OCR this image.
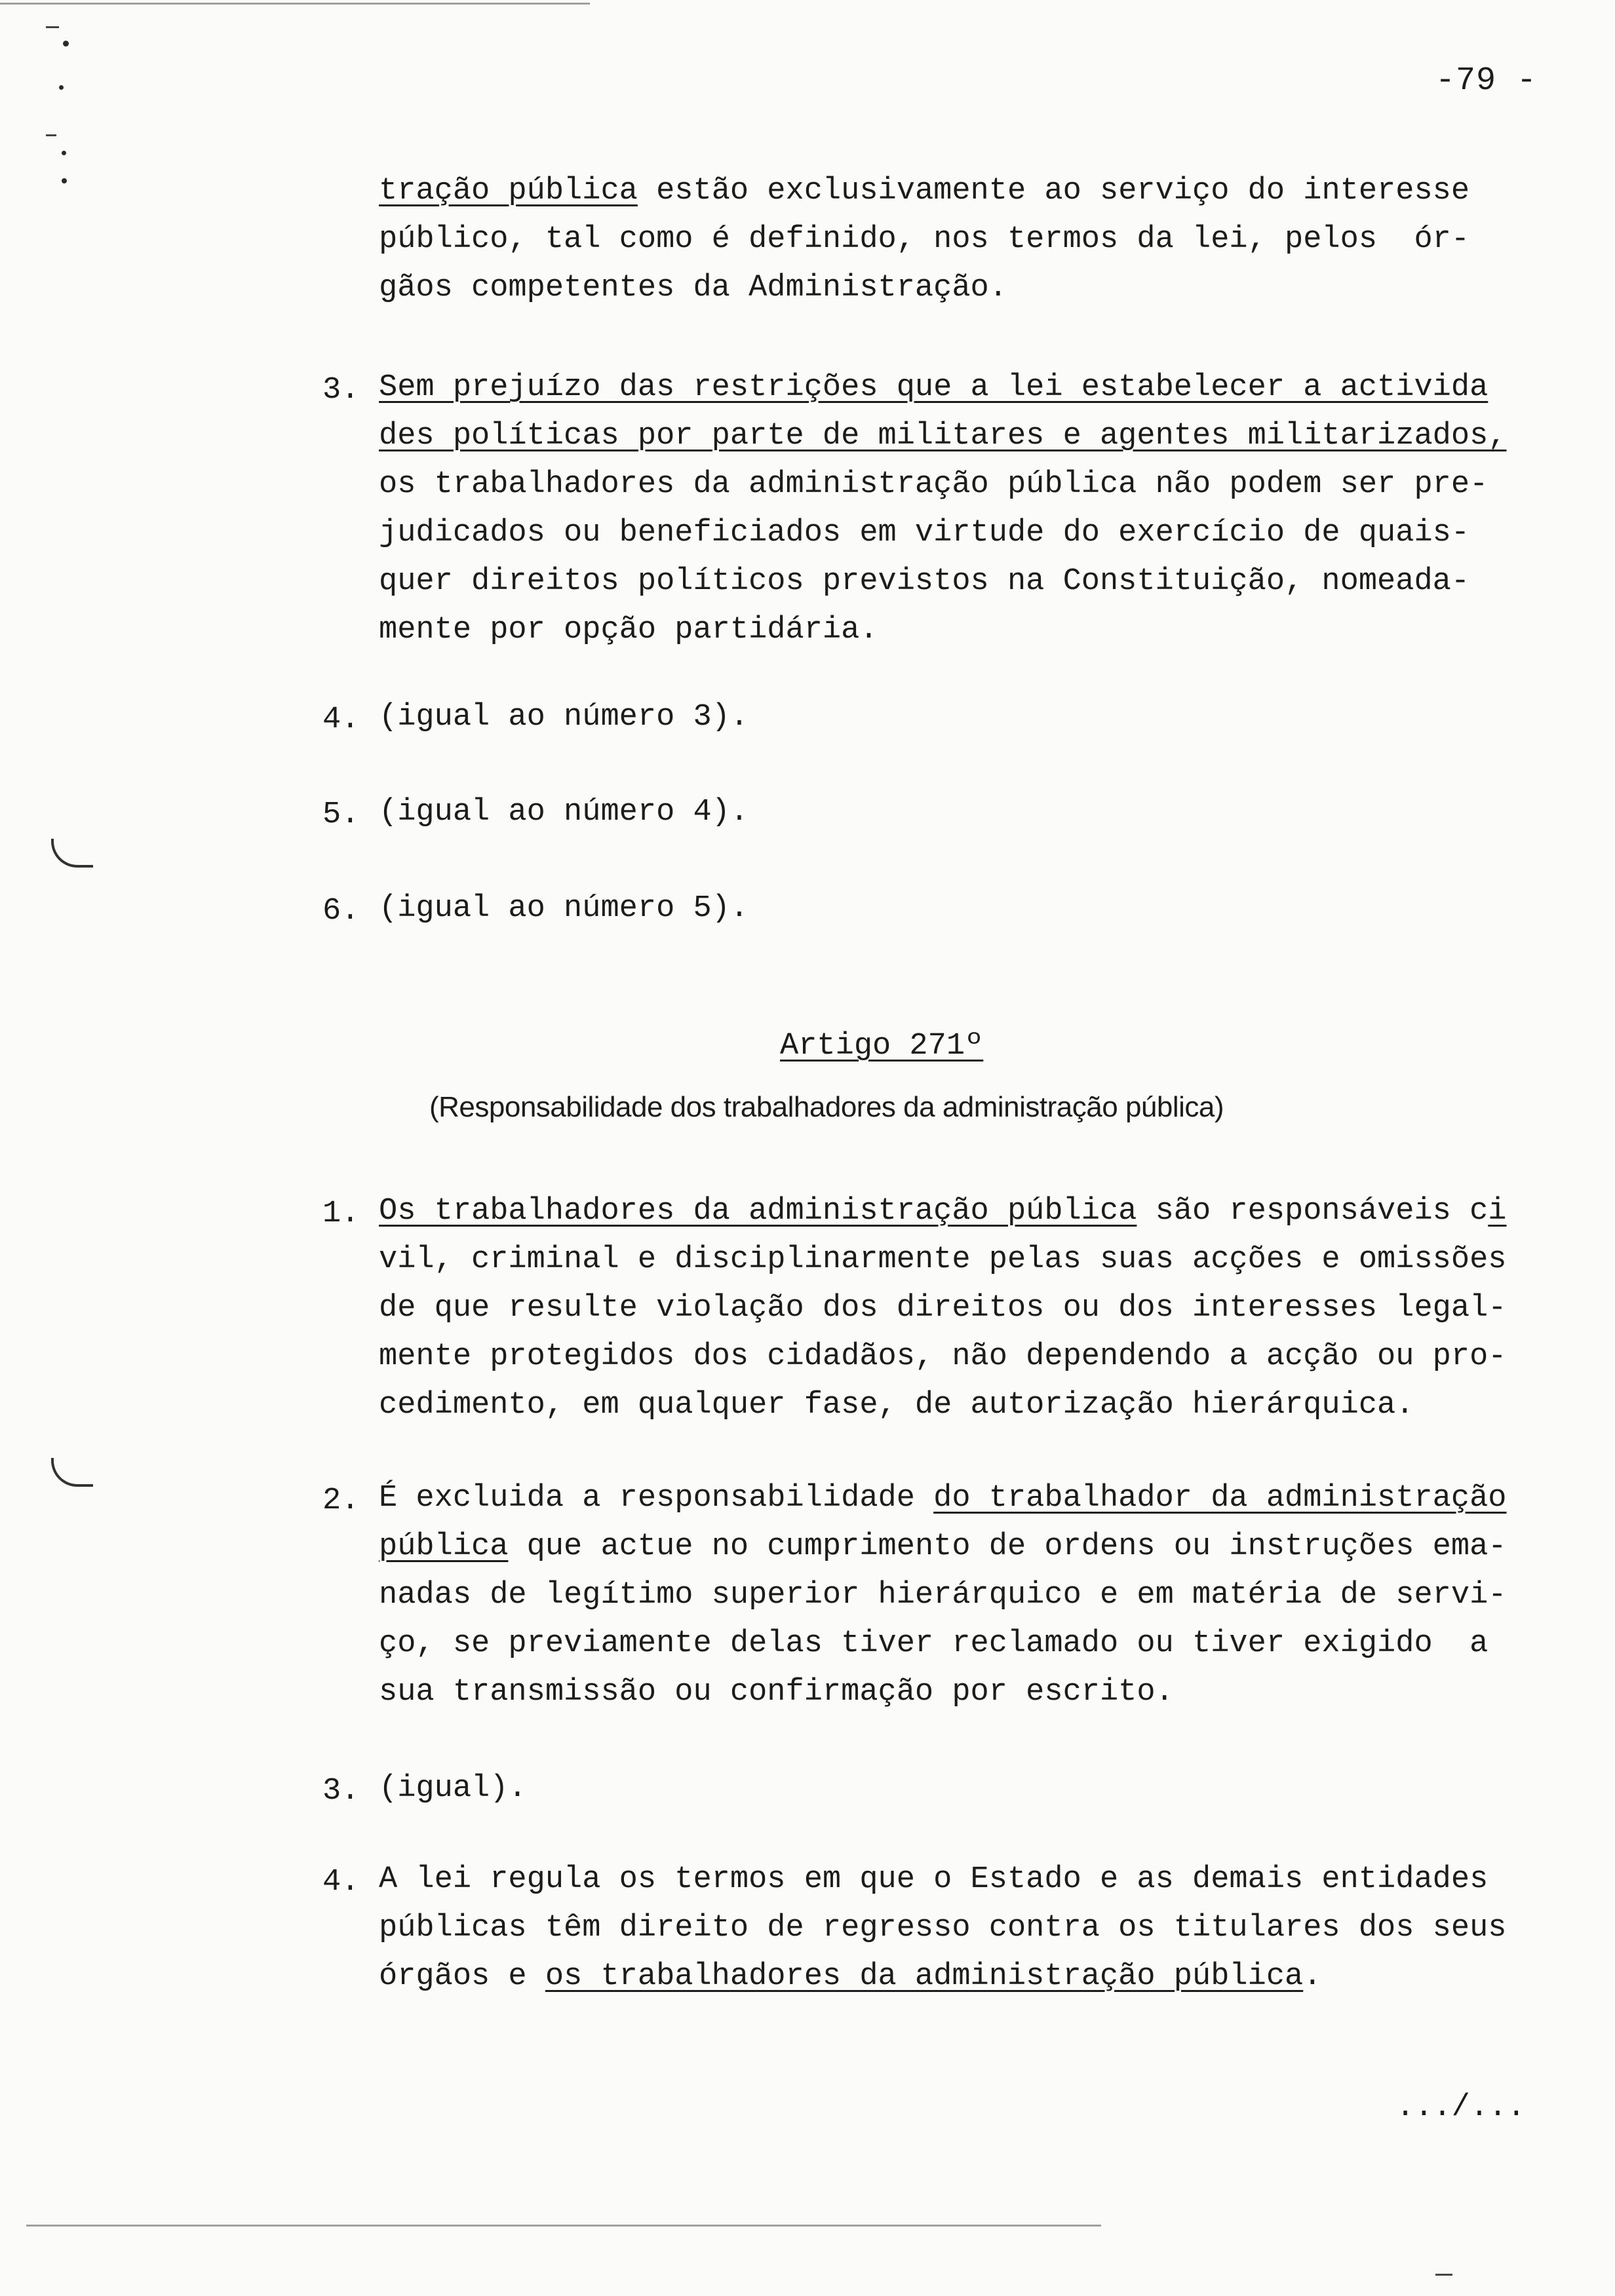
-79 -
tração pública estão exclusivamente ao serviço do interesse
público, tal como é definido, nos termos da lei, pelos  ór-
gãos competentes da Administração.
3. Sem prejuízo das restrições que a lei estabelecer a activida
des políticas por parte de militares e agentes militarizados,
os trabalhadores da administração pública não podem ser pre-
judicados ou beneficiados em virtude do exercício de quais-
quer direitos políticos previstos na Constituição, nomeada-
mente por opção partidária.
4. (igual ao número 3).
5. (igual ao número 4).
6. (igual ao número 5).
Artigo 271º
(Responsabilidade dos trabalhadores da administração pública)
1. Os trabalhadores da administração pública são responsáveis ci
vil, criminal e disciplinarmente pelas suas acções e omissões
de que resulte violação dos direitos ou dos interesses legal-
mente protegidos dos cidadãos, não dependendo a acção ou pro-
cedimento, em qualquer fase, de autorização hierárquica.
2. É excluida a responsabilidade do trabalhador da administração
pública que actue no cumprimento de ordens ou instruções ema-
nadas de legítimo superior hierárquico e em matéria de servi-
ço, se previamente delas tiver reclamado ou tiver exigido  a
sua transmissão ou confirmação por escrito.
3. (igual).
4. A lei regula os termos em que o Estado e as demais entidades
públicas têm direito de regresso contra os titulares dos seus
órgãos e os trabalhadores da administração pública.
.../...
